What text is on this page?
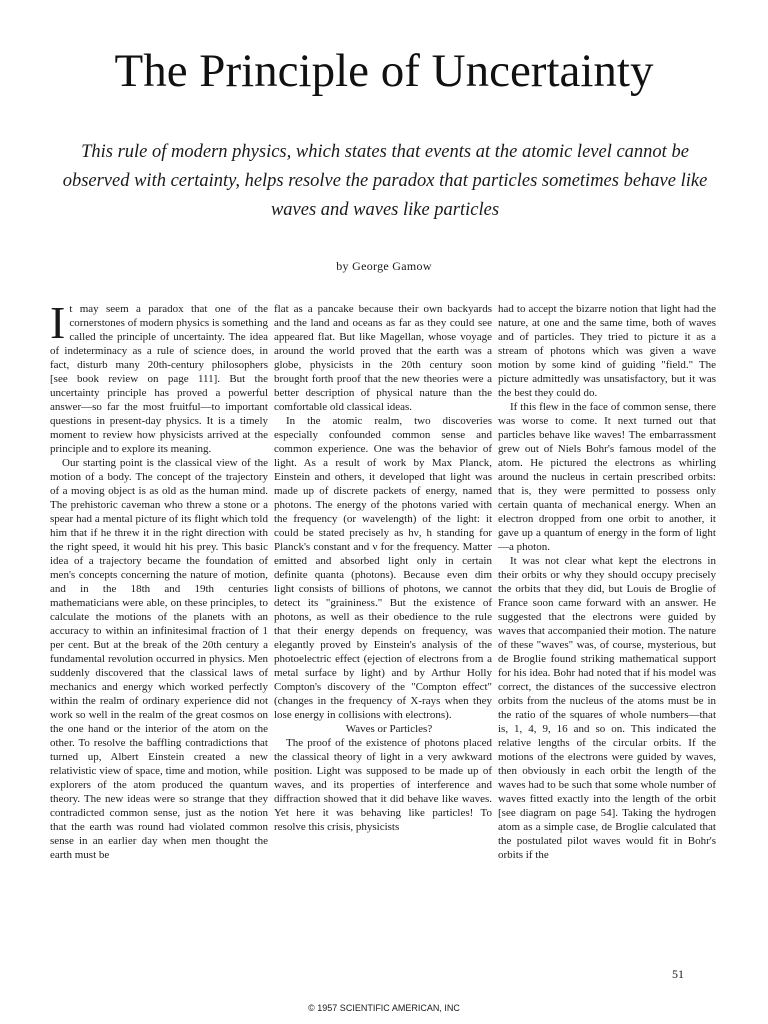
The Principle of Uncertainty

This rule of modern physics, which states that events at the atomic level cannot be observed with certainty, helps resolve the paradox that particles sometimes behave like waves and waves like particles

by George Gamow

It may seem a paradox that one of the cornerstones of modern physics is something called the principle of uncertainty. The idea of indeterminacy as a rule of science does, in fact, disturb many 20th-century philosophers [see book review on page 111]. But the uncertainty principle has proved a powerful answer—so far the most fruitful—to important questions in present-day physics. It is a timely moment to review how physicists arrived at the principle and to explore its meaning.

Our starting point is the classical view of the motion of a body. The concept of the trajectory of a moving object is as old as the human mind. The prehistoric caveman who threw a stone or a spear had a mental picture of its flight which told him that if he threw it in the right direction with the right speed, it would hit his prey. This basic idea of a trajectory became the foundation of men's concepts concerning the nature of motion, and in the 18th and 19th centuries mathematicians were able, on these principles, to calculate the motions of the planets with an accuracy to within an infinitesimal fraction of 1 per cent. But at the break of the 20th century a fundamental revolution occurred in physics. Men suddenly discovered that the classical laws of mechanics and energy which worked perfectly within the realm of ordinary experience did not work so well in the realm of the great cosmos on the one hand or the interior of the atom on the other. To resolve the baffling contradictions that turned up, Albert Einstein created a new relativistic view of space, time and motion, while explorers of the atom produced the quantum theory. The new ideas were so strange that they contradicted common sense, just as the notion that the earth was round had violated common sense in an earlier day when men thought the earth must be

flat as a pancake because their own backyards and the land and oceans as far as they could see appeared flat. But like Magellan, whose voyage around the world proved that the earth was a globe, physicists in the 20th century soon brought forth proof that the new theories were a better description of physical nature than the comfortable old classical ideas.

In the atomic realm, two discoveries especially confounded common sense and common experience. One was the behavior of light. As a result of work by Max Planck, Einstein and others, it developed that light was made up of discrete packets of energy, named photons. The energy of the photons varied with the frequency (or wavelength) of the light: it could be stated precisely as hν, h standing for Planck's constant and ν for the frequency. Matter emitted and absorbed light only in certain definite quanta (photons). Because even dim light consists of billions of photons, we cannot detect its "graininess." But the existence of photons, as well as their obedience to the rule that their energy depends on frequency, was elegantly proved by Einstein's analysis of the photoelectric effect (ejection of electrons from a metal surface by light) and by Arthur Holly Compton's discovery of the "Compton effect" (changes in the frequency of X-rays when they lose energy in collisions with electrons).

Waves or Particles?

The proof of the existence of photons placed the classical theory of light in a very awkward position. Light was supposed to be made up of waves, and its properties of interference and diffraction showed that it did behave like waves. Yet here it was behaving like particles! To resolve this crisis, physicists

had to accept the bizarre notion that light had the nature, at one and the same time, both of waves and of particles. They tried to picture it as a stream of photons which was given a wave motion by some kind of guiding "field." The picture admittedly was unsatisfactory, but it was the best they could do.

If this flew in the face of common sense, there was worse to come. It next turned out that particles behave like waves! The embarrassment grew out of Niels Bohr's famous model of the atom. He pictured the electrons as whirling around the nucleus in certain prescribed orbits: that is, they were permitted to possess only certain quanta of mechanical energy. When an electron dropped from one orbit to another, it gave up a quantum of energy in the form of light—a photon.

It was not clear what kept the electrons in their orbits or why they should occupy precisely the orbits that they did, but Louis de Broglie of France soon came forward with an answer. He suggested that the electrons were guided by waves that accompanied their motion. The nature of these "waves" was, of course, mysterious, but de Broglie found striking mathematical support for his idea. Bohr had noted that if his model was correct, the distances of the successive electron orbits from the nucleus of the atoms must be in the ratio of the squares of whole numbers—that is, 1, 4, 9, 16 and so on. This indicated the relative lengths of the circular orbits. If the motions of the electrons were guided by waves, then obviously in each orbit the length of the waves had to be such that some whole number of waves fitted exactly into the length of the orbit [see diagram on page 54]. Taking the hydrogen atom as a simple case, de Broglie calculated that the postulated pilot waves would fit in Bohr's orbits if the

51

© 1957 SCIENTIFIC AMERICAN, INC
